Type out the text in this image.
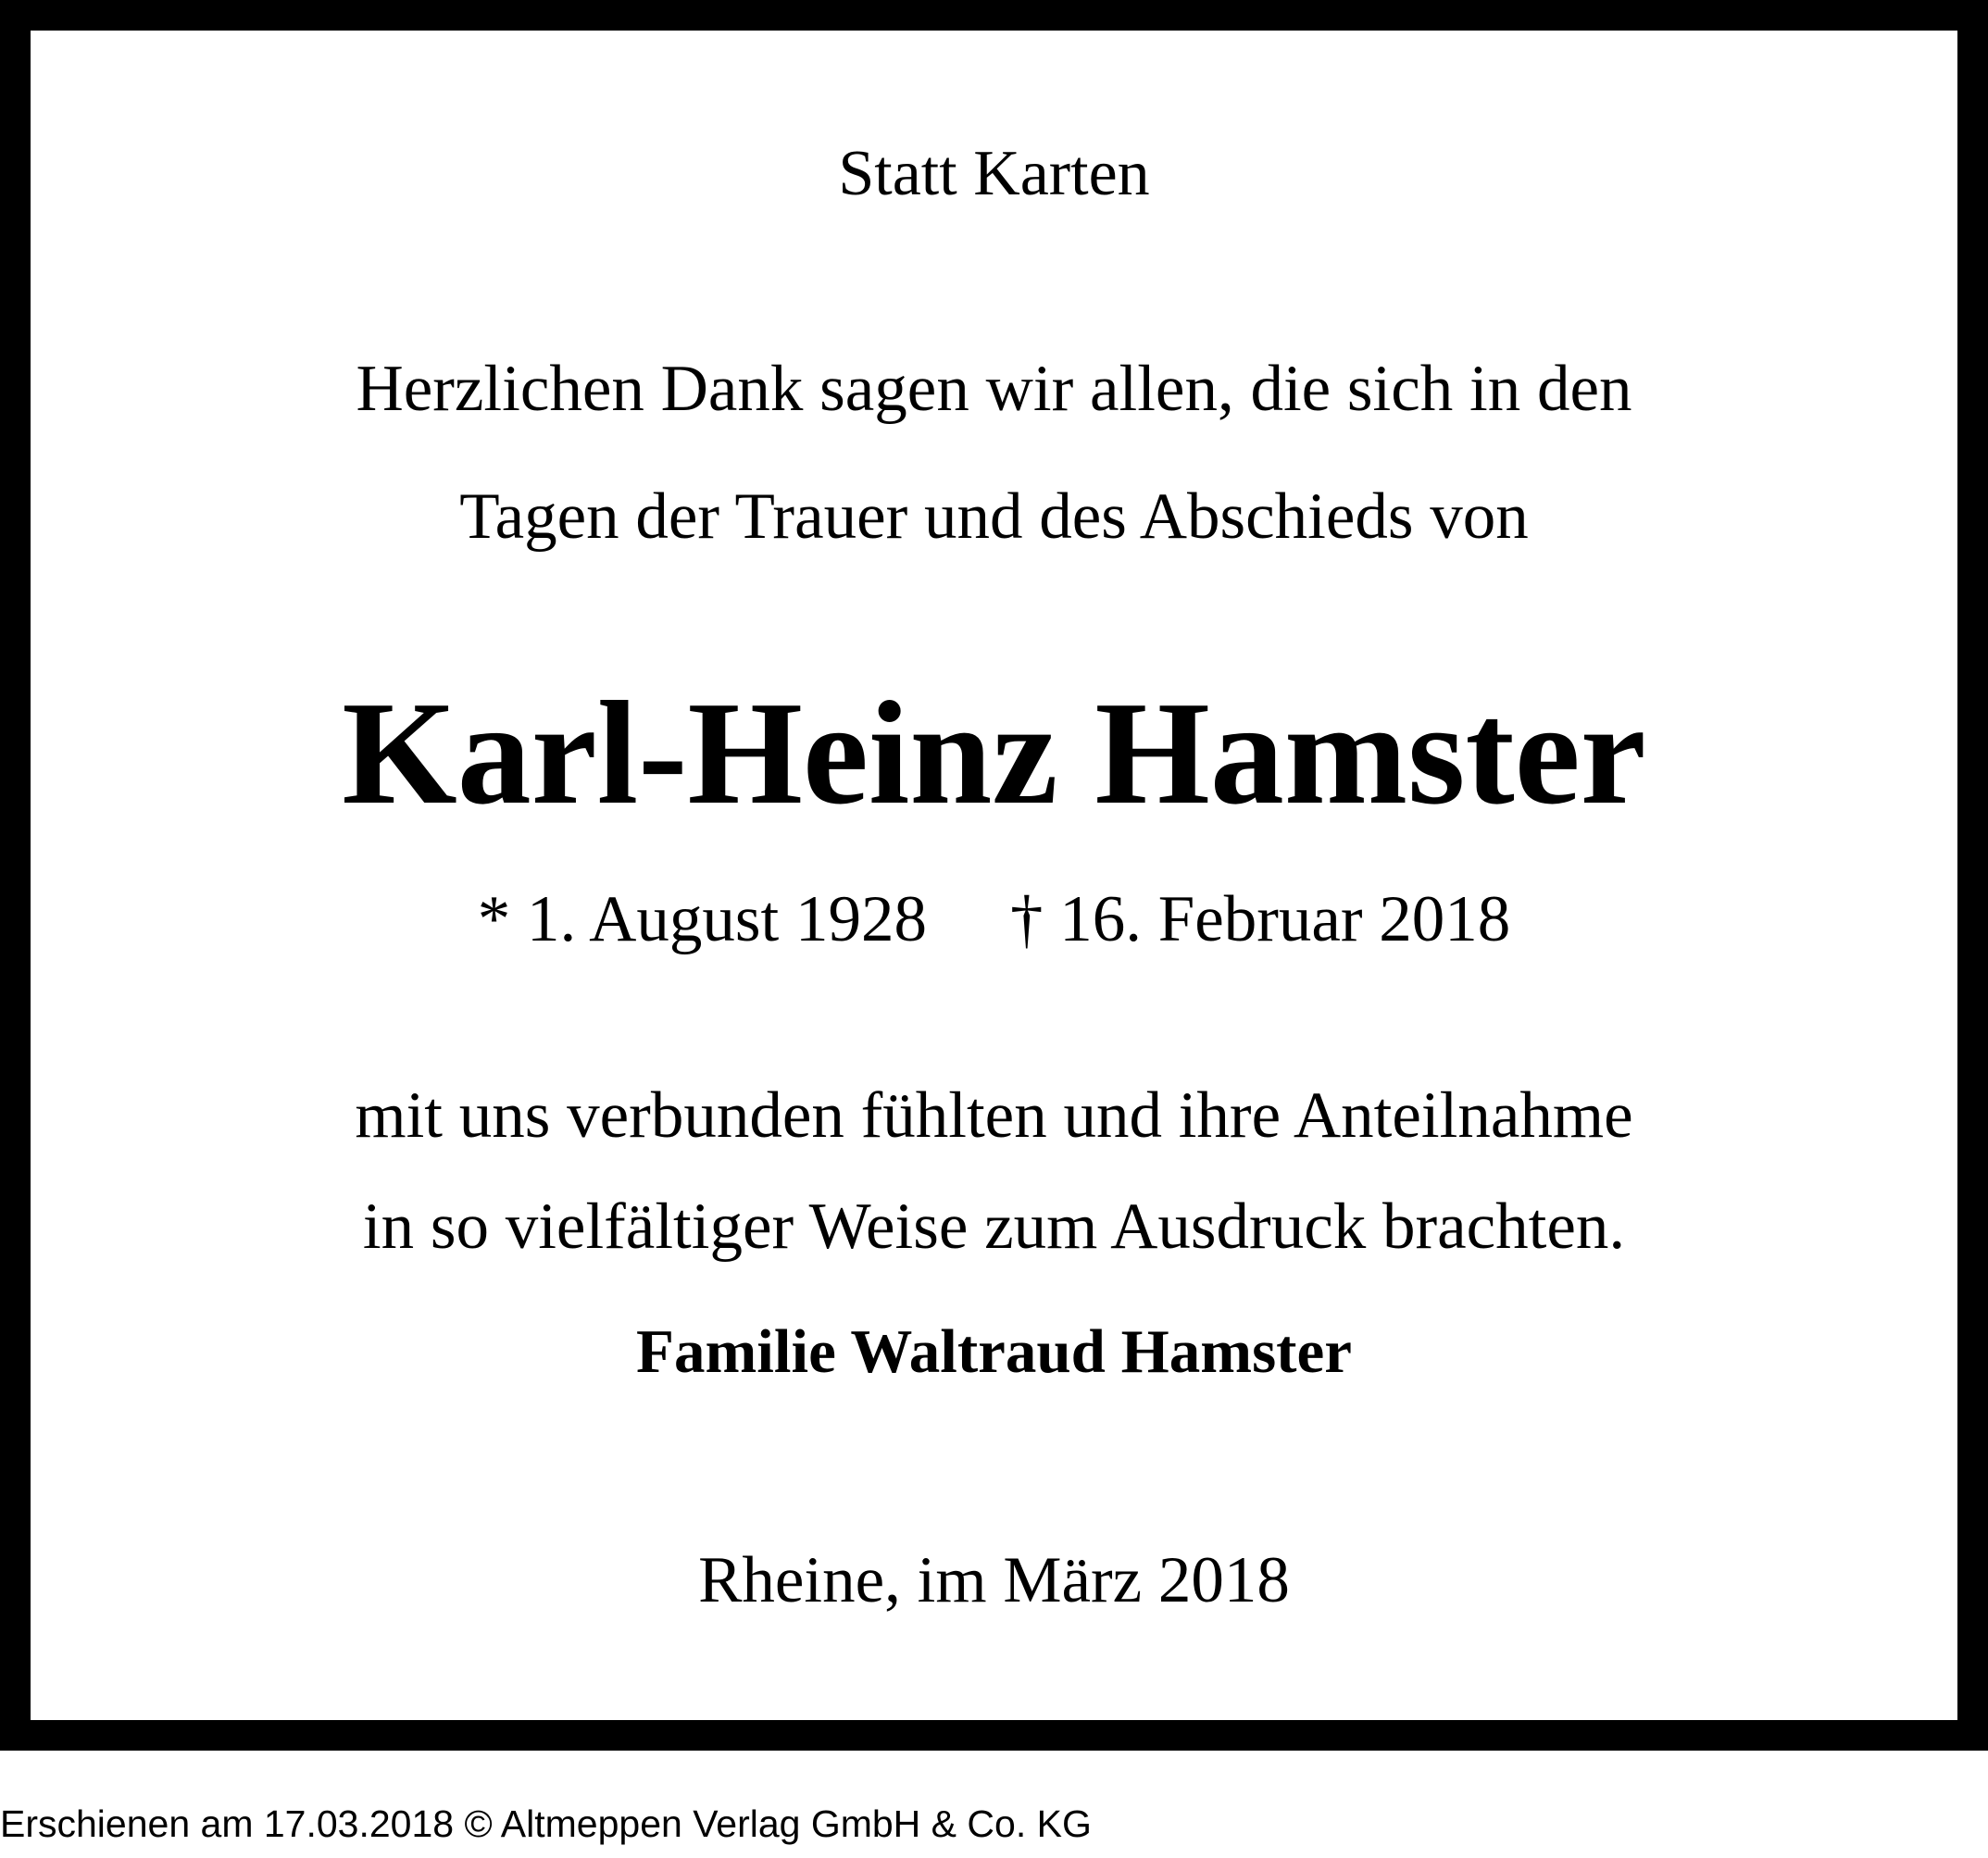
Statt Karten
Herzlichen Dank sagen wir allen, die sich in den
Tagen der Trauer und des Abschieds von
Karl-Heinz Hamster
* 1. August 1928 † 16. Februar 2018
mit uns verbunden fühlten und ihre Anteilnahme
in so vielfältiger Weise zum Ausdruck brachten.
Familie Waltraud Hamster
Rheine, im März 2018
Erschienen am 17.03.2018 © Altmeppen Verlag GmbH & Co. KG
